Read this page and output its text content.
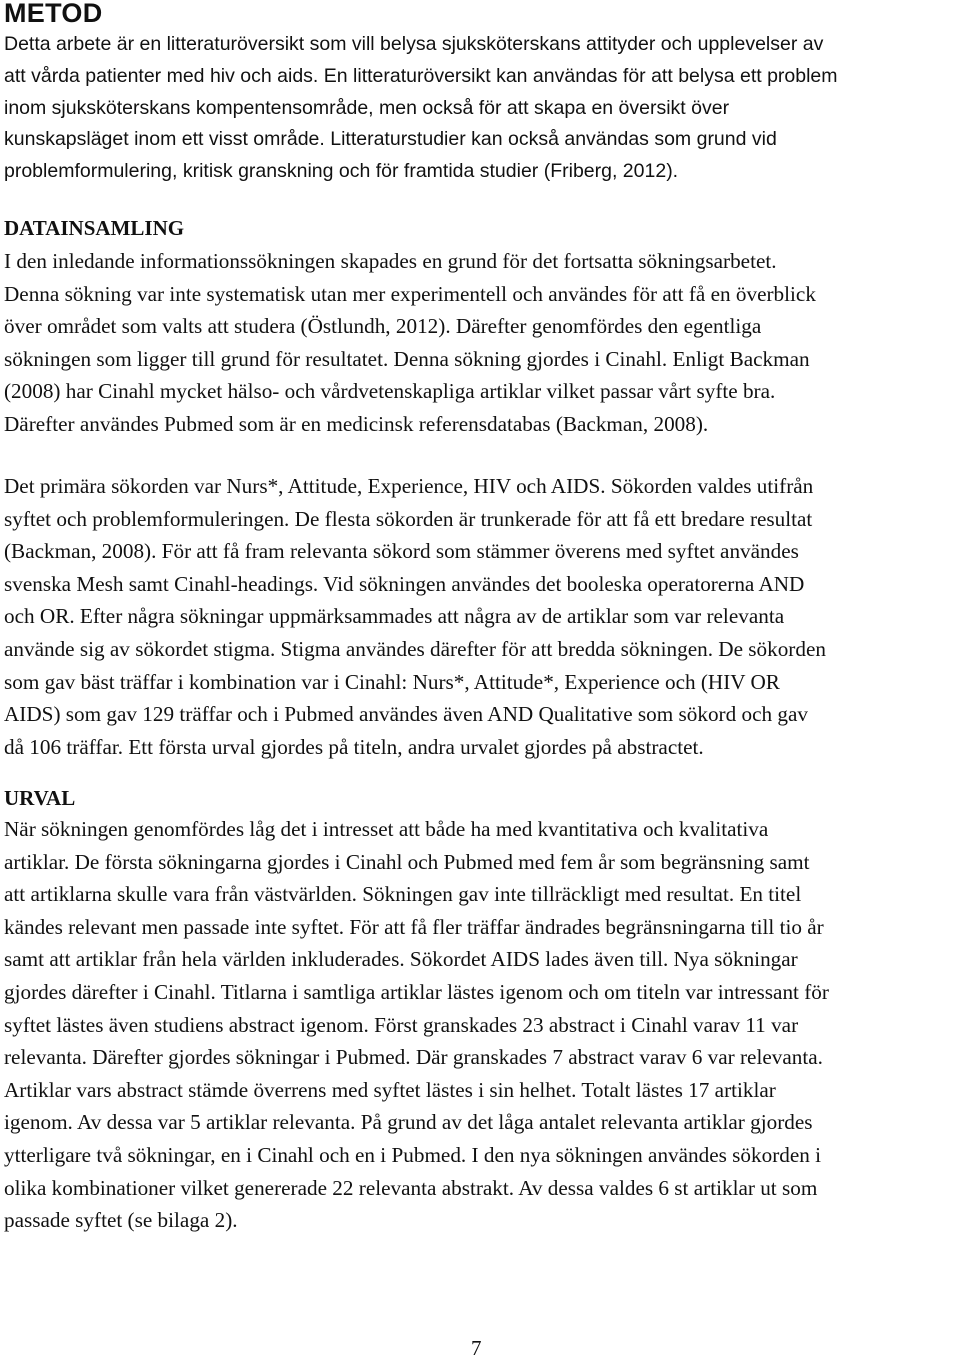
METOD

Detta arbete är en litteraturöversikt som vill belysa sjuksköterskans attityder och upplevelser av
att vårda patienter med hiv och aids. En litteraturöversikt kan användas för att belysa ett problem
inom sjuksköterskans kompentensområde, men också för att skapa en översikt över
kunskapsläget inom ett visst område. Litteraturstudier kan också användas som grund vid
problemformulering, kritisk granskning och för framtida studier (Friberg, 2012).

DATAINSAMLING

I den inledande informationssökningen skapades en grund för det fortsatta sökningsarbetet.
Denna sökning var inte systematisk utan mer experimentell och användes för att få en överblick
över området som valts att studera (Östlundh, 2012). Därefter genomfördes den egentliga
sökningen som ligger till grund för resultatet. Denna sökning gjordes i Cinahl. Enligt Backman
(2008) har Cinahl mycket hälso- och vårdvetenskapliga artiklar vilket passar vårt syfte bra.
Därefter användes Pubmed som är en medicinsk referensdatabas (Backman, 2008).

Det primära sökorden var Nurs*, Attitude, Experience, HIV och AIDS. Sökorden valdes utifrån
syftet och problemformuleringen. De flesta sökorden är trunkerade för att få ett bredare resultat
(Backman, 2008). För att få fram relevanta sökord som stämmer överens med syftet användes
svenska Mesh samt Cinahl-headings. Vid sökningen användes det booleska operatorerna AND
och OR. Efter några sökningar uppmärksammades att några av de artiklar som var relevanta
använde sig av sökordet stigma. Stigma användes därefter för att bredda sökningen. De sökorden
som gav bäst träffar i kombination var i Cinahl: Nurs*, Attitude*, Experience och (HIV OR
AIDS) som gav 129 träffar och i Pubmed användes även AND Qualitative som sökord och gav
då 106 träffar. Ett första urval gjordes på titeln, andra urvalet gjordes på abstractet.

URVAL

När sökningen genomfördes låg det i intresset att både ha med kvantitativa och kvalitativa
artiklar. De första sökningarna gjordes i Cinahl och Pubmed med fem år som begränsning samt
att artiklarna skulle vara från västvärlden. Sökningen gav inte tillräckligt med resultat. En titel
kändes relevant men passade inte syftet. För att få fler träffar ändrades begränsningarna till tio år
samt att artiklar från hela världen inkluderades. Sökordet AIDS lades även till. Nya sökningar
gjordes därefter i Cinahl. Titlarna i samtliga artiklar lästes igenom och om titeln var intressant för
syftet lästes även studiens abstract igenom. Först granskades 23 abstract i Cinahl varav 11 var
relevanta. Därefter gjordes sökningar i Pubmed. Där granskades 7 abstract varav 6 var relevanta.
Artiklar vars abstract stämde överrens med syftet lästes i sin helhet. Totalt lästes 17 artiklar
igenom. Av dessa var 5 artiklar relevanta. På grund av det låga antalet relevanta artiklar gjordes
ytterligare två sökningar, en i Cinahl och en i Pubmed. I den nya sökningen användes sökorden i
olika kombinationer vilket genererade 22 relevanta abstrakt. Av dessa valdes 6 st artiklar ut som
passade syftet (se bilaga 2).

7
